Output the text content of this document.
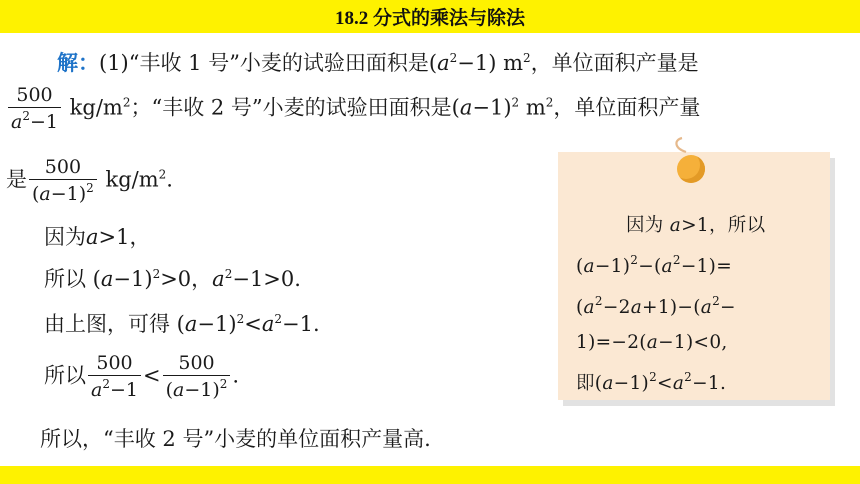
18.2 分式的乘法与除法
解：(1)“丰收 1 号”小麦的试验田面积是$(a^2-1)$ $m^2$，单位面积产量是
$\frac{500}{a^2-1} kg/m^2$；“丰收 2 号”小麦的试验田面积是$(a-1)^2$ $m^2$，单位面积产量
是 $\frac{500}{(a-1)^2} kg/m^2$.
因为a>1，
所以 $(a-1)^2>0$，$a^2-1>0$.
由上图，可得 $(a-1)^2<a^2-1$.
所以 $\frac{500}{a^2-1} < \frac{500}{(a-1)^2}$ .
所以，“丰收 2 号”小麦的单位面积产量高.
因为 a>1，所以
$(a-1)^2-(a^2-1)=$
$(a^2-2a+1)-(a^2-$
1)=−2(a−1)<0,
即$(a-1)^2<a^2-1$.
